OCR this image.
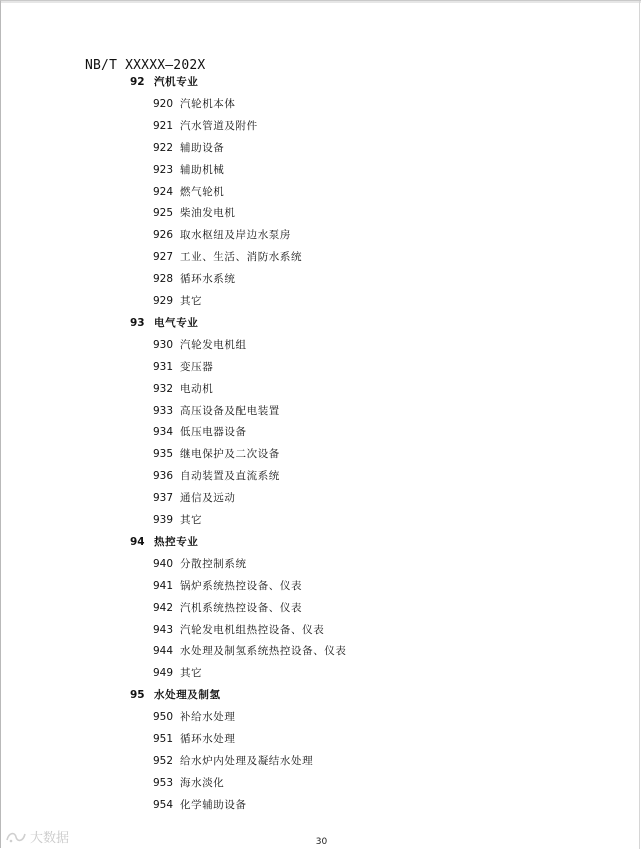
NB/T XXXXX—202X
92 汽机专业
920 汽轮机本体
921 汽水管道及附件
922 辅助设备
923 辅助机械
924 燃气轮机
925 柴油发电机
926 取水枢纽及岸边水泵房
927 工业、生活、消防水系统
928 循环水系统
929 其它
93 电气专业
930 汽轮发电机组
931 变压器
932 电动机
933 高压设备及配电装置
934 低压电器设备
935 继电保护及二次设备
936 自动装置及直流系统
937 通信及远动
939 其它
94 热控专业
940 分散控制系统
941 锅炉系统热控设备、仪表
942 汽机系统热控设备、仪表
943 汽轮发电机组热控设备、仪表
944 水处理及制氢系统热控设备、仪表
949 其它
95 水处理及制氢
950 补给水处理
951 循环水处理
952 给水炉内处理及凝结水处理
953 海水淡化
954 化学辅助设备
大数据	30
